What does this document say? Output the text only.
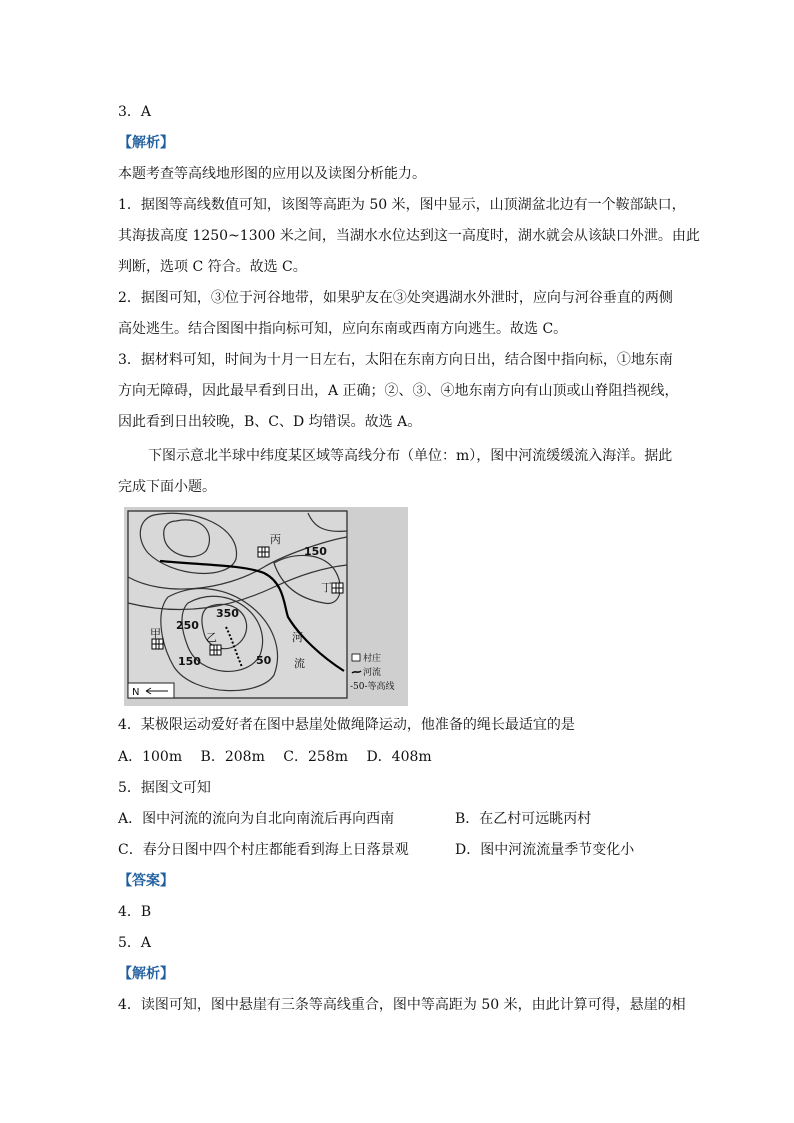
3．A
【解析】
本题考查等高线地形图的应用以及读图分析能力。
1．据图等高线数值可知，该图等高距为 50 米，图中显示，山顶湖盆北边有一个鞍部缺口，
其海拔高度 1250~1300 米之间，当湖水水位达到这一高度时，湖水就会从该缺口外泄。由此
判断，选项 C 符合。故选 C。
2．据图可知，③位于河谷地带，如果驴友在③处突遇湖水外泄时，应向与河谷垂直的两侧
高处逃生。结合图图中指向标可知，应向东南或西南方向逃生。故选 C。
3．据材料可知，时间为十月一日左右，太阳在东南方向日出，结合图中指向标，①地东南
方向无障碍，因此最早看到日出，A 正确；②、③、④地东南方向有山顶或山脊阻挡视线，
因此看到日出较晚，B、C、D 均错误。故选 A。
下图示意北半球中纬度某区域等高线分布（单位：m），图中河流缓缓流入海洋。据此
完成下面小题。
150
350
250
150	50
丙
丁
甲	乙	河
流
N
村庄
河流
-50-等高线
4．某极限运动爱好者在图中悬崖处做绳降运动，他准备的绳长最适宜的是
A．100m　 B．208m　 C．258m　 D．408m
5．据图文可知
A．图中河流的流向为自北向南流后再向西南	B．在乙村可远眺丙村
C．春分日图中四个村庄都能看到海上日落景观	D．图中河流流量季节变化小
【答案】
4．B
5．A
【解析】
4．读图可知，图中悬崖有三条等高线重合，图中等高距为 50 米，由此计算可得，悬崖的相
